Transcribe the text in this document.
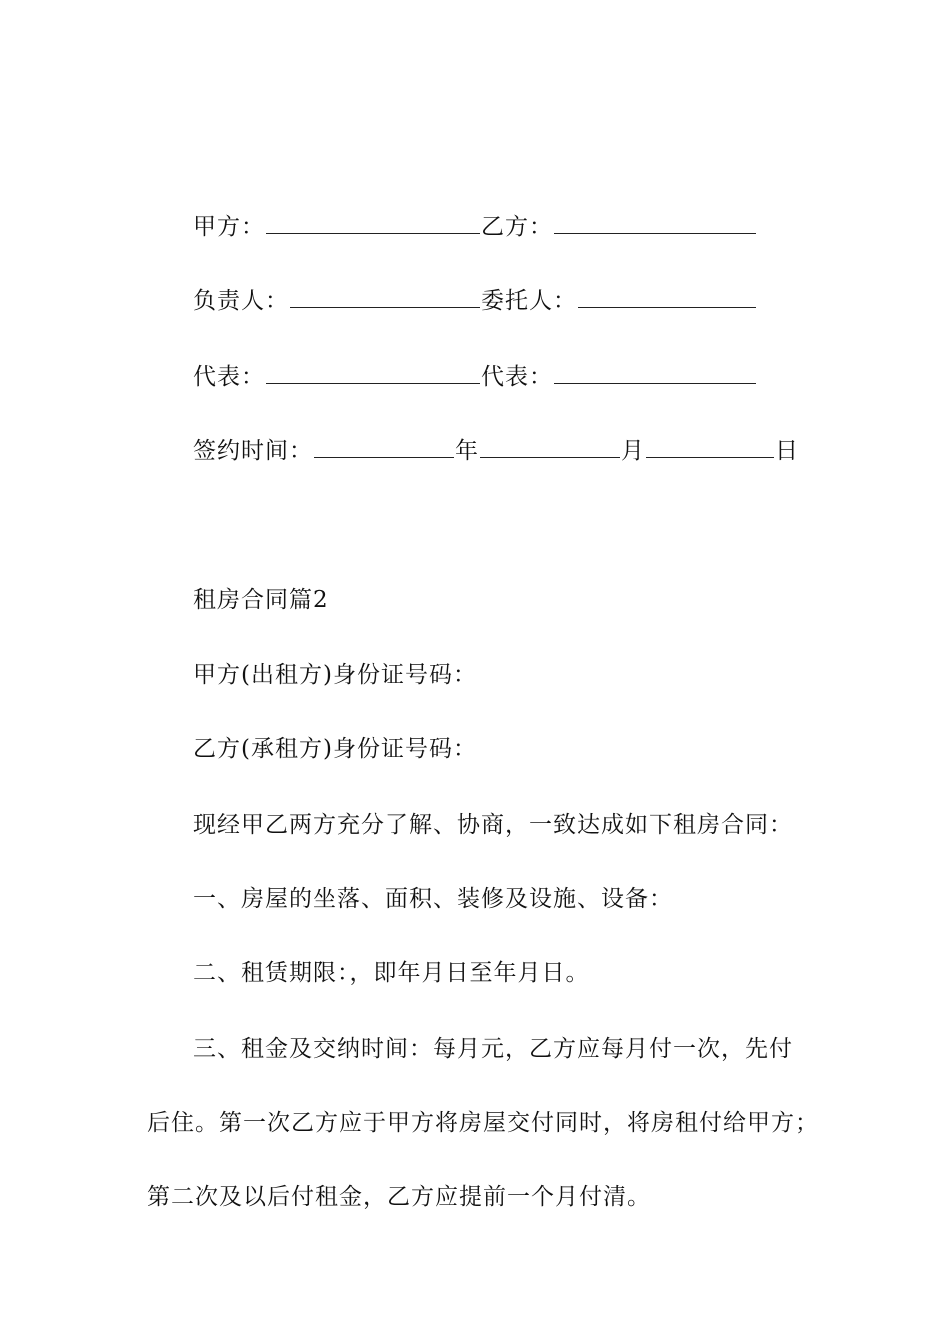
甲方：	乙方：
负责人：	委托人：
代表：	代表：
签约时间：	年	月	日
租房合同篇2
甲方(出租方)身份证号码：
乙方(承租方)身份证号码：
现经甲乙两方充分了解、协商，一致达成如下租房合同：
一、房屋的坐落、面积、装修及设施、设备：
二、租赁期限：，即年月日至年月日。
三、租金及交纳时间：每月元，乙方应每月付一次，先付
后住。第一次乙方应于甲方将房屋交付同时，将房租付给甲方；
第二次及以后付租金，乙方应提前一个月付清。
